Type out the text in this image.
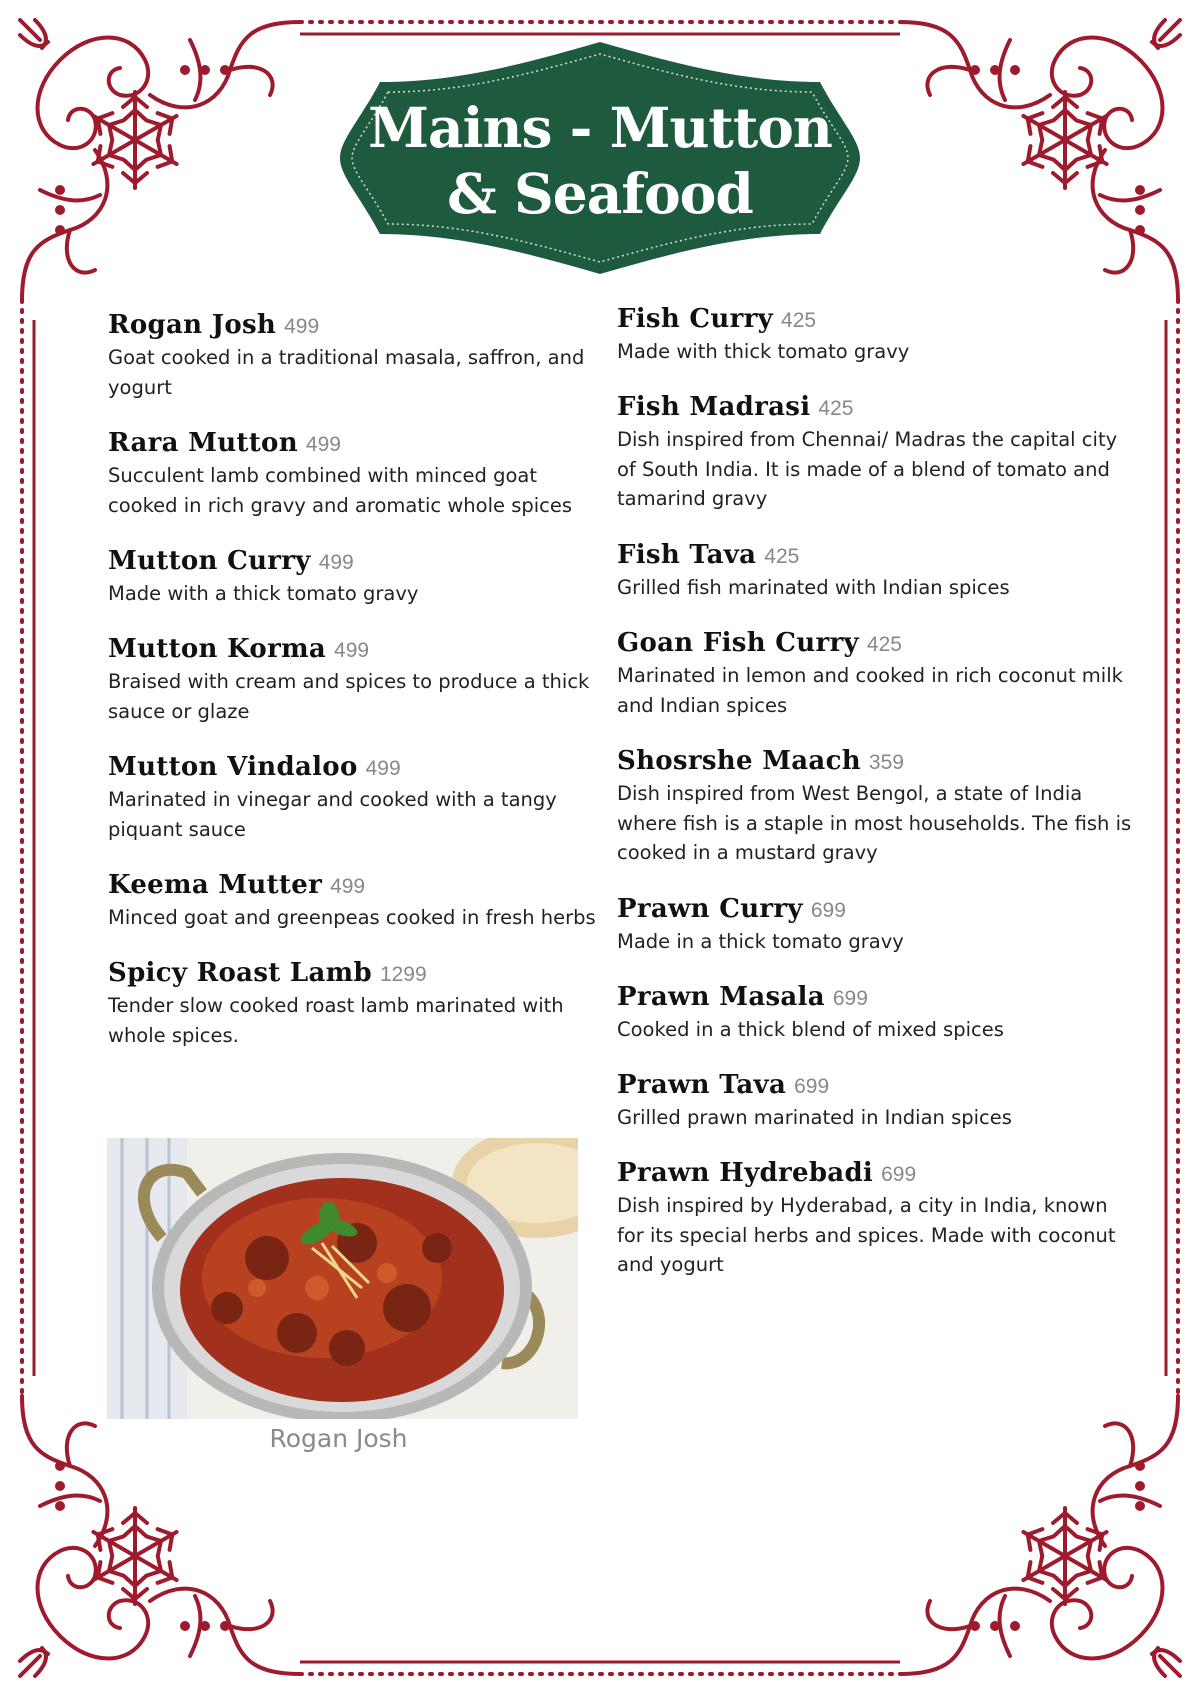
Mains - Mutton
& Seafood
Rogan Josh 499
Goat cooked in a traditional masala, saffron, and yogurt
Rara Mutton 499
Succulent lamb combined with minced goat cooked in rich gravy and aromatic whole spices
Mutton Curry 499
Made with a thick tomato gravy
Mutton Korma 499
Braised with cream and spices to produce a thick sauce or glaze
Mutton Vindaloo 499
Marinated in vinegar and cooked with a tangy piquant sauce
Keema Mutter 499
Minced goat and greenpeas cooked in fresh herbs
Spicy Roast Lamb 1299
Tender slow cooked roast lamb marinated with whole spices.
Fish Curry 425
Made with thick tomato gravy
Fish Madrasi 425
Dish inspired from Chennai/ Madras the capital city of South India. It is made of a blend of tomato and tamarind gravy
Fish Tava 425
Grilled fish marinated with Indian spices
Goan Fish Curry 425
Marinated in lemon and cooked in rich coconut milk and Indian spices
Shosrshe Maach 359
Dish inspired from West Bengol, a state of India where fish is a staple in most households. The fish is cooked in a mustard gravy
Prawn Curry 699
Made in a thick tomato gravy
Prawn Masala 699
Cooked in a thick blend of mixed spices
Prawn Tava 699
Grilled prawn marinated in Indian spices
Prawn Hydrebadi 699
Dish inspired by Hyderabad, a city in India, known for its special herbs and spices. Made with coconut and yogurt
Rogan Josh
